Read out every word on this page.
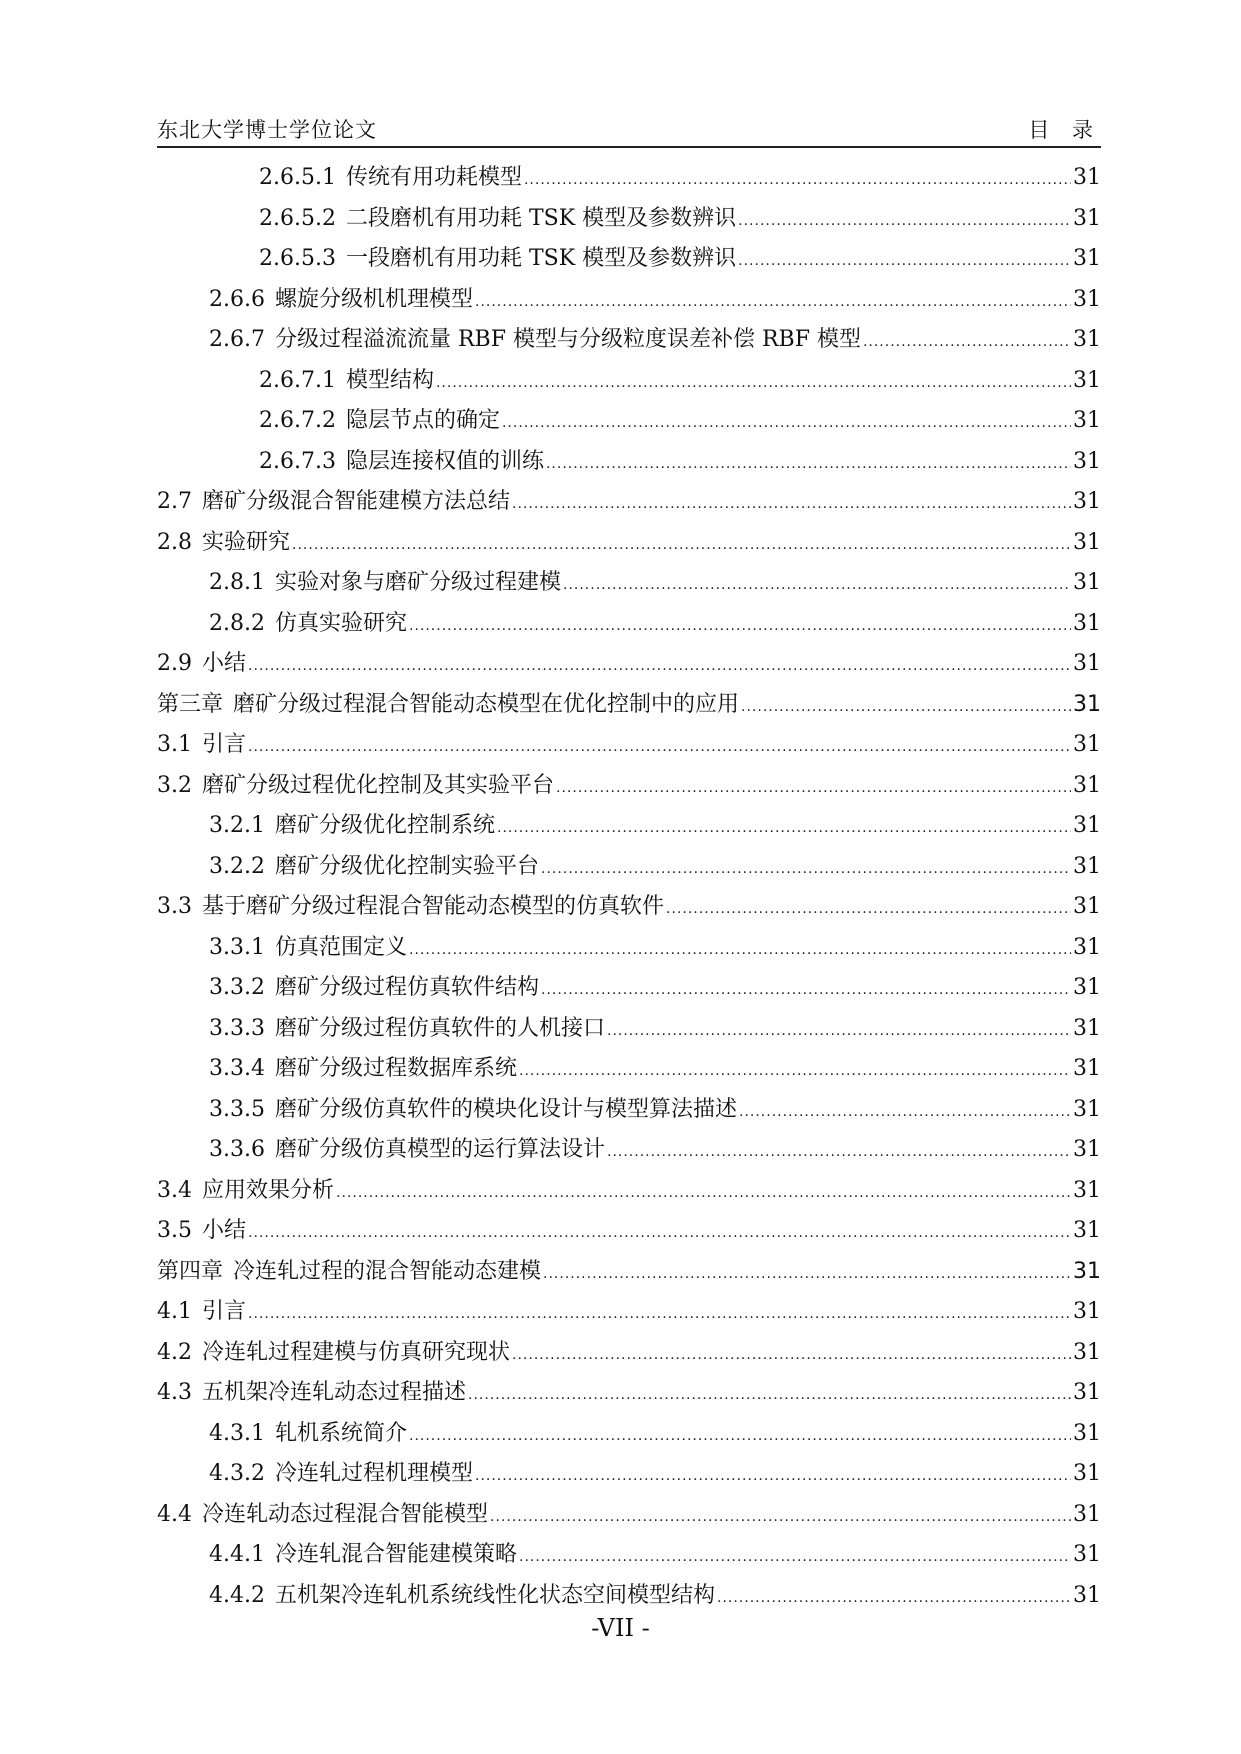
东北大学博士学位论文	目 录
2.6.5.1 传统有用功耗模型 .....	31
2.6.5.2 二段磨机有用功耗 TSK 模型及参数辨识 .....	31
2.6.5.3 一段磨机有用功耗 TSK 模型及参数辨识 .....	31
2.6.6 螺旋分级机机理模型 .....	31
2.6.7 分级过程溢流流量 RBF 模型与分级粒度误差补偿 RBF 模型 .....	31
2.6.7.1 模型结构 .....	31
2.6.7.2 隐层节点的确定 .....	31
2.6.7.3 隐层连接权值的训练 .....	31
2.7 磨矿分级混合智能建模方法总结 .....	31
2.8 实验研究 .....	31
2.8.1 实验对象与磨矿分级过程建模 .....	31
2.8.2 仿真实验研究 .....	31
2.9 小结 .....	31
第三章 磨矿分级过程混合智能动态模型在优化控制中的应用 .....	31
3.1 引言 .....	31
3.2 磨矿分级过程优化控制及其实验平台 .....	31
3.2.1 磨矿分级优化控制系统 .....	31
3.2.2 磨矿分级优化控制实验平台 .....	31
3.3 基于磨矿分级过程混合智能动态模型的仿真软件 .....	31
3.3.1 仿真范围定义 .....	31
3.3.2 磨矿分级过程仿真软件结构 .....	31
3.3.3 磨矿分级过程仿真软件的人机接口 .....	31
3.3.4 磨矿分级过程数据库系统 .....	31
3.3.5 磨矿分级仿真软件的模块化设计与模型算法描述 .....	31
3.3.6 磨矿分级仿真模型的运行算法设计 .....	31
3.4 应用效果分析 .....	31
3.5 小结 .....	31
第四章 冷连轧过程的混合智能动态建模 .....	31
4.1 引言 .....	31
4.2 冷连轧过程建模与仿真研究现状 .....	31
4.3 五机架冷连轧动态过程描述 .....	31
4.3.1 轧机系统简介 .....	31
4.3.2 冷连轧过程机理模型 .....	31
4.4 冷连轧动态过程混合智能模型 .....	31
4.4.1 冷连轧混合智能建模策略 .....	31
4.4.2 五机架冷连轧机系统线性化状态空间模型结构 .....	31
-VII -
